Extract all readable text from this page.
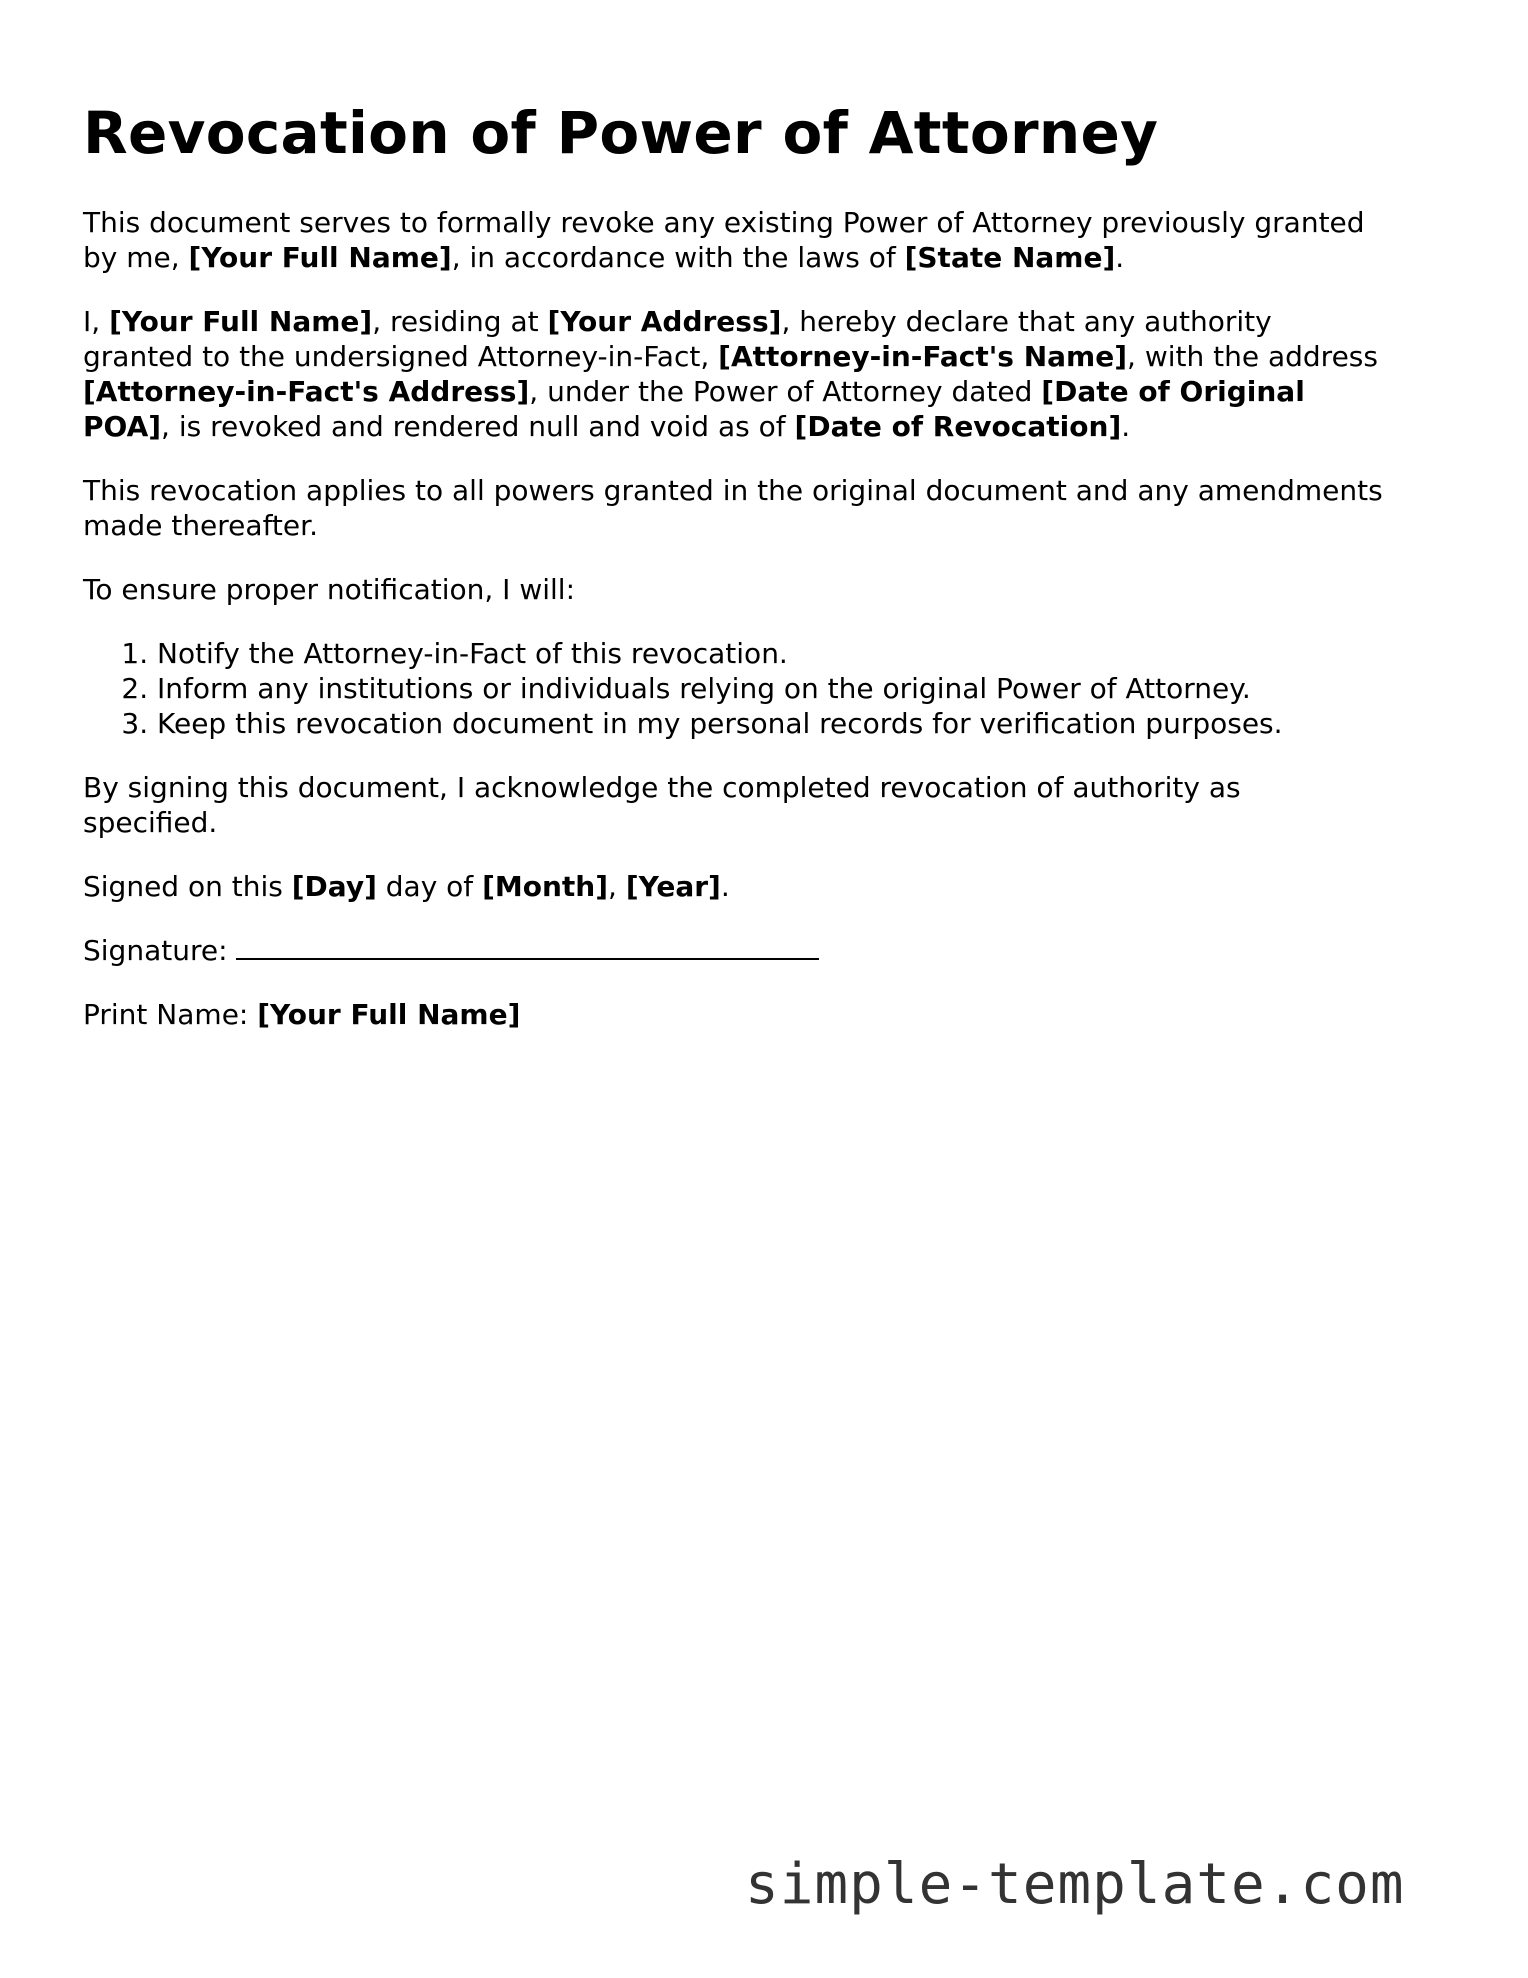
Revocation of Power of Attorney

This document serves to formally revoke any existing Power of Attorney previously granted by me, [Your Full Name], in accordance with the laws of [State Name].

I, [Your Full Name], residing at [Your Address], hereby declare that any authority granted to the undersigned Attorney-in-Fact, [Attorney-in-Fact's Name], with the address [Attorney-in-Fact's Address], under the Power of Attorney dated [Date of Original POA], is revoked and rendered null and void as of [Date of Revocation].

This revocation applies to all powers granted in the original document and any amendments made thereafter.

To ensure proper notification, I will:

1. Notify the Attorney-in-Fact of this revocation.
2. Inform any institutions or individuals relying on the original Power of Attorney.
3. Keep this revocation document in my personal records for verification purposes.

By signing this document, I acknowledge the completed revocation of authority as specified.

Signed on this [Day] day of [Month], [Year].

Signature:

Print Name: [Your Full Name]

simple-template.com
